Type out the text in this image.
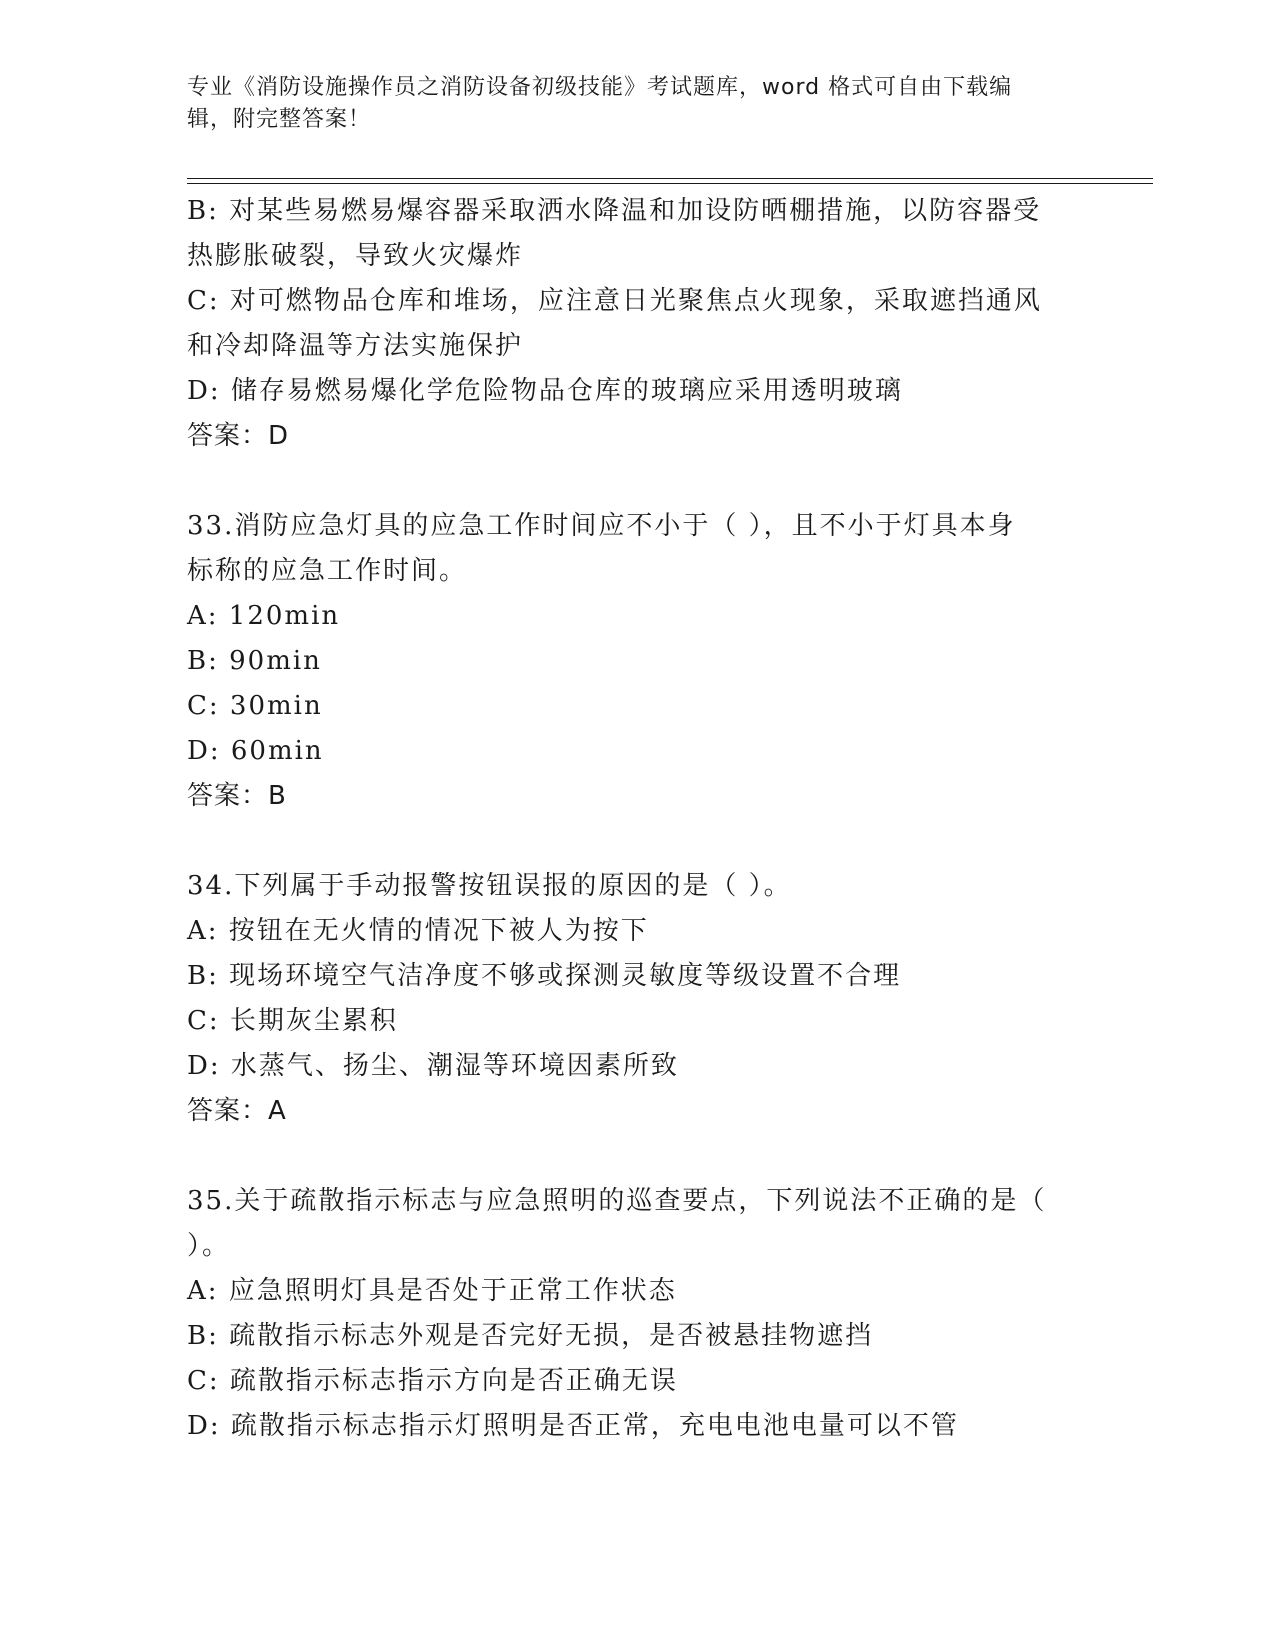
专业《消防设施操作员之消防设备初级技能》考试题库，word 格式可自由下载编
辑，附完整答案！
B: 对某些易燃易爆容器采取洒水降温和加设防晒棚措施，以防容器受
热膨胀破裂，导致火灾爆炸
C: 对可燃物品仓库和堆场，应注意日光聚焦点火现象，采取遮挡通风
和冷却降温等方法实施保护
D: 储存易燃易爆化学危险物品仓库的玻璃应采用透明玻璃
答案：D
33.消防应急灯具的应急工作时间应不小于（ ），且不小于灯具本身
标称的应急工作时间。
A: 120min
B: 90min
C: 30min
D: 60min
答案：B
34.下列属于手动报警按钮误报的原因的是（ ）。
A: 按钮在无火情的情况下被人为按下
B: 现场环境空气洁净度不够或探测灵敏度等级设置不合理
C: 长期灰尘累积
D: 水蒸气、扬尘、潮湿等环境因素所致
答案：A
35.关于疏散指示标志与应急照明的巡查要点，下列说法不正确的是（
）。
A: 应急照明灯具是否处于正常工作状态
B: 疏散指示标志外观是否完好无损，是否被悬挂物遮挡
C: 疏散指示标志指示方向是否正确无误
D: 疏散指示标志指示灯照明是否正常，充电电池电量可以不管
